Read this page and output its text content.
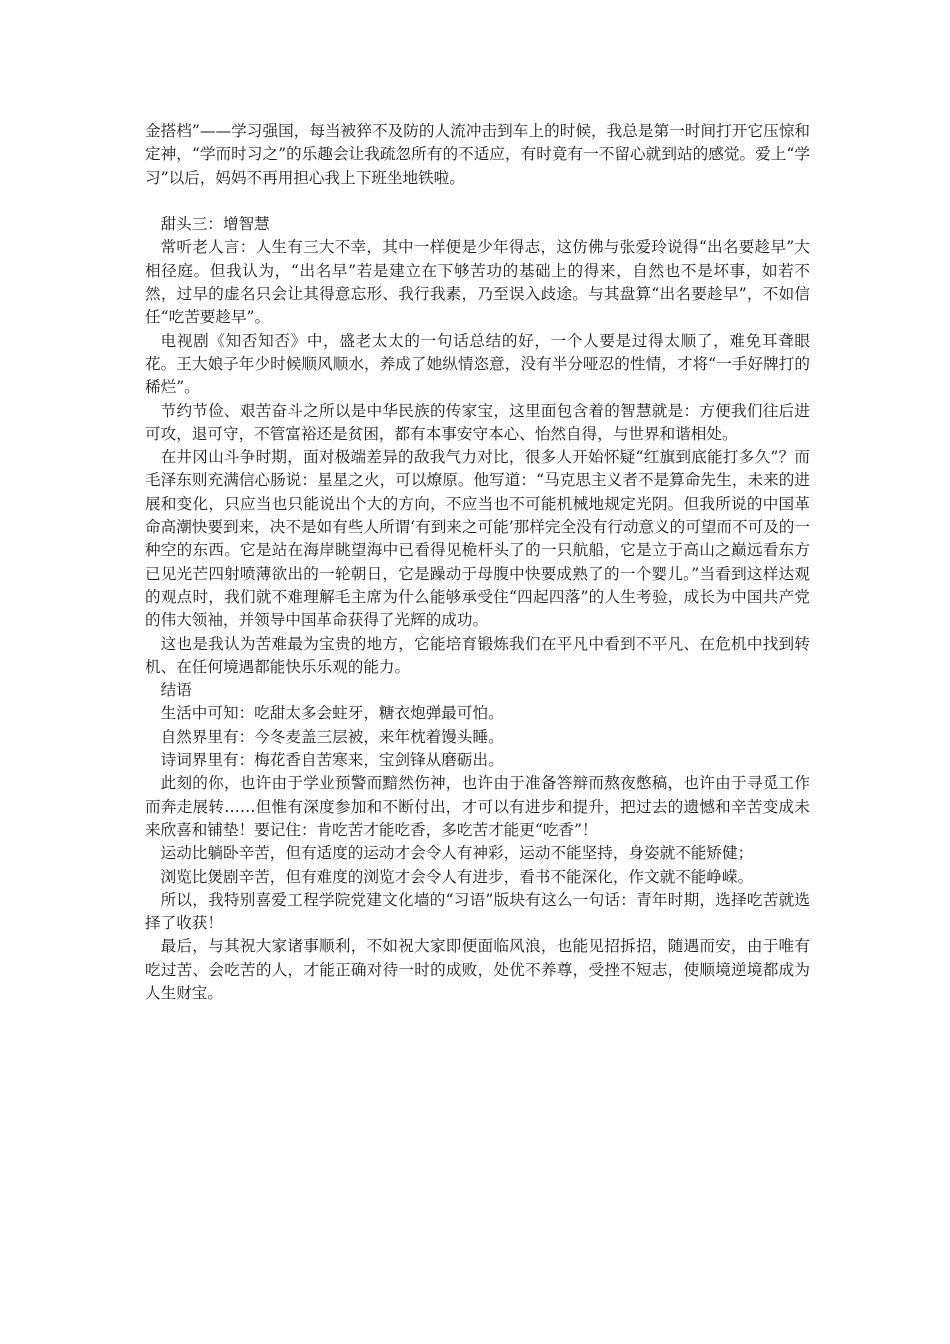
金搭档”——学习强国，每当被猝不及防的人流冲击到车上的时候，我总是第一时间打开它压惊和定神，“学而时习之”的乐趣会让我疏忽所有的不适应，有时竟有一不留心就到站的感觉。爱上“学习”以后，妈妈不再用担心我上下班坐地铁啦。

甜头三：增智慧

常听老人言：人生有三大不幸，其中一样便是少年得志，这仿佛与张爱玲说得“出名要趁早”大相径庭。但我认为，“出名早”若是建立在下够苦功的基础上的得来，自然也不是坏事，如若不然，过早的虚名只会让其得意忘形、我行我素，乃至误入歧途。与其盘算“出名要趁早”，不如信任“吃苦要趁早”。

电视剧《知否知否》中，盛老太太的一句话总结的好，一个人要是过得太顺了，难免耳聋眼花。王大娘子年少时候顺风顺水，养成了她纵情恣意，没有半分哑忍的性情，才将“一手好牌打的稀烂”。

节约节俭、艰苦奋斗之所以是中华民族的传家宝，这里面包含着的智慧就是：方便我们往后进可攻，退可守，不管富裕还是贫困，都有本事安守本心、怡然自得，与世界和谐相处。

在井冈山斗争时期，面对极端差异的敌我气力对比，很多人开始怀疑“红旗到底能打多久”？而毛泽东则充满信心肠说：星星之火，可以燎原。他写道：“马克思主义者不是算命先生，未来的进展和变化，只应当也只能说出个大的方向，不应当也不可能机械地规定光阴。但我所说的中国革命高潮快要到来，决不是如有些人所谓‘有到来之可能’那样完全没有行动意义的可望而不可及的一种空的东西。它是站在海岸眺望海中已看得见桅杆头了的一只航船，它是立于高山之巅远看东方已见光芒四射喷薄欲出的一轮朝日，它是躁动于母腹中快要成熟了的一个婴儿。”当看到这样达观的观点时，我们就不难理解毛主席为什么能够承受住“四起四落”的人生考验，成长为中国共产党的伟大领袖，并领导中国革命获得了光辉的成功。

这也是我认为苦难最为宝贵的地方，它能培育锻炼我们在平凡中看到不平凡、在危机中找到转机、在任何境遇都能快乐乐观的能力。

结语

生活中可知：吃甜太多会蛀牙，糖衣炮弹最可怕。

自然界里有：今冬麦盖三层被，来年枕着馒头睡。

诗词界里有：梅花香自苦寒来，宝剑锋从磨砺出。

此刻的你，也许由于学业预警而黯然伤神，也许由于准备答辩而熬夜憋稿，也许由于寻觅工作而奔走展转……但惟有深度参加和不断付出，才可以有进步和提升，把过去的遗憾和辛苦变成未来欣喜和铺垫！要记住：肯吃苦才能吃香，多吃苦才能更“吃香”！

运动比躺卧辛苦，但有适度的运动才会令人有神彩，运动不能坚持，身姿就不能矫健；

浏览比煲剧辛苦，但有难度的浏览才会令人有进步，看书不能深化，作文就不能峥嵘。

所以，我特别喜爱工程学院党建文化墙的“习语”版块有这么一句话：青年时期，选择吃苦就选择了收获！

最后，与其祝大家诸事顺利，不如祝大家即便面临风浪，也能见招拆招，随遇而安，由于唯有吃过苦、会吃苦的人，才能正确对待一时的成败，处优不养尊，受挫不短志，使顺境逆境都成为人生财宝。
